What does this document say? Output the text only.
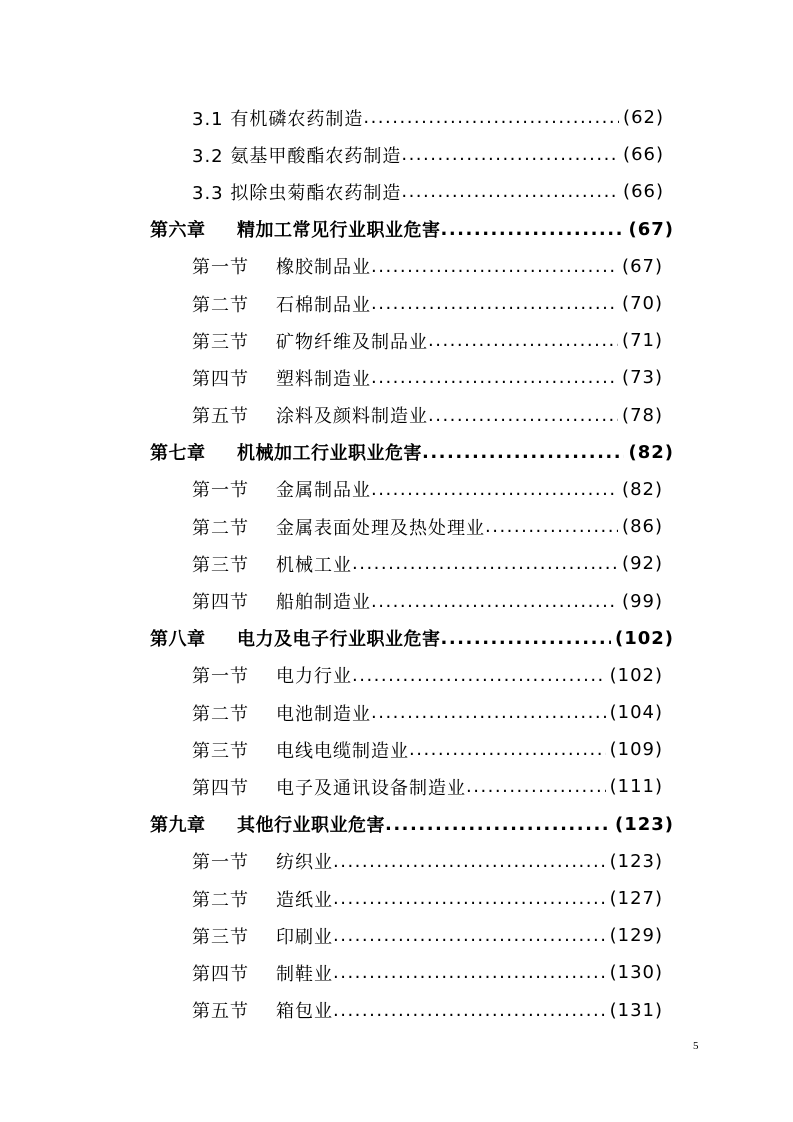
3.1 有机磷农药制造 .....	(62)
3.2 氨基甲酸酯农药制造 .....	(66)
3.3 拟除虫菊酯农药制造 .....	(66)
第六章	精加工常见行业职业危害 .....	(67)
第一节	橡胶制品业 .....	(67)
第二节	石棉制品业 .....	(70)
第三节	矿物纤维及制品业 .....	(71)
第四节	塑料制造业 .....	(73)
第五节	涂料及颜料制造业 .....	(78)
第七章	机械加工行业职业危害 .....	(82)
第一节	金属制品业 .....	(82)
第二节	金属表面处理及热处理业 .....	(86)
第三节	机械工业 .....	(92)
第四节	船舶制造业 .....	(99)
第八章	电力及电子行业职业危害 .....	(102)
第一节	电力行业 .....	(102)
第二节	电池制造业 .....	(104)
第三节	电线电缆制造业 .....	(109)
第四节	电子及通讯设备制造业 .....	(111)
第九章	其他行业职业危害 .....	(123)
第一节	纺织业 .....	(123)
第二节	造纸业 .....	(127)
第三节	印刷业 .....	(129)
第四节	制鞋业 .....	(130)
第五节	箱包业 .....	(131)
5
